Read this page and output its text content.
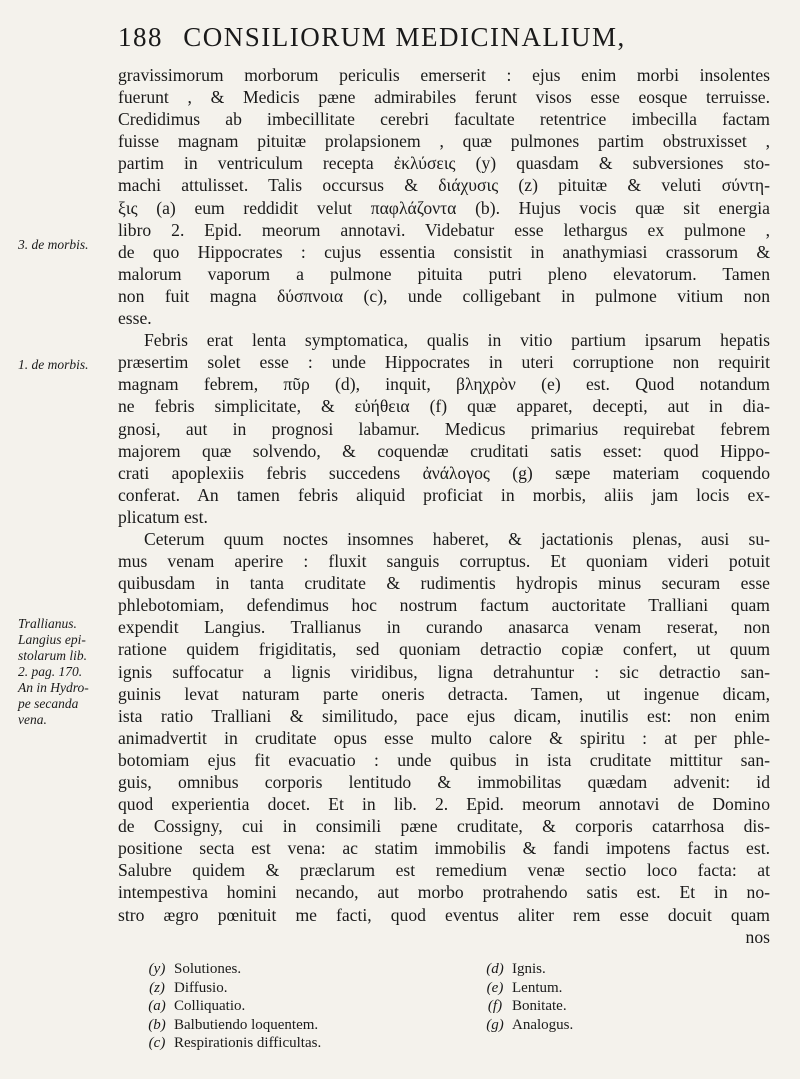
188 CONSILIORUM MEDICINALIUM,
gravissimorum morborum periculis emerserit : ejus enim morbi insolentes
fuerunt , & Medicis pæne admirabiles ferunt visos esse eosque terruisse.
Credidimus ab imbecillitate cerebri facultate retentrice imbecilla factam
fuisse magnam pituitæ prolapsionem , quæ pulmones partim obstruxisset ,
partim in ventriculum recepta ἐκλύσεις (y) quasdam & subversiones sto-
machi attulisset. Talis occursus & διάχυσις (z) pituitæ & veluti σύντη-
ξις (a) eum reddidit velut παφλάζοντα (b). Hujus vocis quæ sit energia
libro 2. Epid. meorum annotavi. Videbatur esse lethargus ex pulmone ,
de quo Hippocrates : cujus essentia consistit in anathymiasi crassorum &
malorum vaporum a pulmone pituita putri pleno elevatorum. Tamen
non fuit magna δύσπνοια (c), unde colligebant in pulmone vitium non
esse.
Febris erat lenta symptomatica, qualis in vitio partium ipsarum hepatis
præsertim solet esse : unde Hippocrates in uteri corruptione non requirit
magnam febrem, πῦρ (d), inquit, βληχρὸν (e) est. Quod notandum
ne febris simplicitate, & εὐήθεια (f) quæ apparet, decepti, aut in dia-
gnosi, aut in prognosi labamur. Medicus primarius requirebat febrem
majorem quæ solvendo, & coquendæ cruditati satis esset: quod Hippo-
crati apoplexiis febris succedens ἀνάλογος (g) sæpe materiam coquendo
conferat. An tamen febris aliquid proficiat in morbis, aliis jam locis ex-
plicatum est.
Ceterum quum noctes insomnes haberet, & jactationis plenas, ausi su-
mus venam aperire : fluxit sanguis corruptus. Et quoniam videri potuit
quibusdam in tanta cruditate & rudimentis hydropis minus securam esse
phlebotomiam, defendimus hoc nostrum factum auctoritate Tralliani quam
expendit Langius. Trallianus in curando anasarca venam reserat, non
ratione quidem frigiditatis, sed quoniam detractio copiæ confert, ut quum
ignis suffocatur a lignis viridibus, ligna detrahuntur : sic detractio san-
guinis levat naturam parte oneris detracta. Tamen, ut ingenue dicam,
ista ratio Tralliani & similitudo, pace ejus dicam, inutilis est: non enim
animadvertit in cruditate opus esse multo calore & spiritu : at per phle-
botomiam ejus fit evacuatio : unde quibus in ista cruditate mittitur san-
guis, omnibus corporis lentitudo & immobilitas quædam advenit: id
quod experientia docet. Et in lib. 2. Epid. meorum annotavi de Domino
de Cossigny, cui in consimili pæne cruditate, & corporis catarrhosa dis-
positione secta est vena: ac statim immobilis & fandi impotens factus est.
Salubre quidem & præclarum est remedium venæ sectio loco facta: at
intempestiva homini necando, aut morbo protrahendo satis est. Et in no-
stro ægro pœnituit me facti, quod eventus aliter rem esse docuit quam
nos
3. de morbis.
1. de morbis.
Trallianus.
Langius epi-
stolarum lib.
2. pag. 170.
An in Hydro-
pe secanda
vena.
(y) Solutiones.
(z) Diffusio.
(a) Colliquatio.
(b) Balbutiendo loquentem.
(c) Respirationis difficultas.
(d) Ignis.
(e) Lentum.
(f) Bonitate.
(g) Analogus.
